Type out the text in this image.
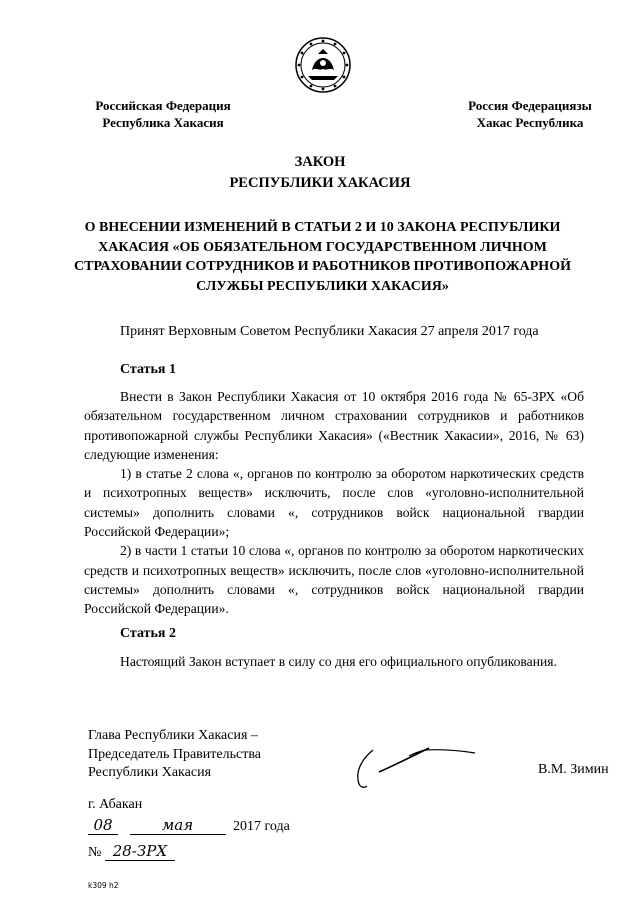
Российская Федерация
Республика Хакасия
Россия Федерациязы
Хакас Республика
ЗАКОН
РЕСПУБЛИКИ ХАКАСИЯ
О ВНЕСЕНИИ ИЗМЕНЕНИЙ В СТАТЬИ 2 И 10 ЗАКОНА РЕСПУБЛИКИ ХАКАСИЯ «ОБ ОБЯЗАТЕЛЬНОМ ГОСУДАРСТВЕННОМ ЛИЧНОМ СТРАХОВАНИИ СОТРУДНИКОВ И РАБОТНИКОВ ПРОТИВОПОЖАРНОЙ СЛУЖБЫ РЕСПУБЛИКИ ХАКАСИЯ»
Принят Верховным Советом Республики Хакасия 27 апреля 2017 года
Статья 1

Внести в Закон Республики Хакасия от 10 октября 2016 года № 65-ЗРХ «Об обязательном государственном личном страховании сотрудников и работников противопожарной службы Республики Хакасия» («Вестник Хакасии», 2016, № 63) следующие изменения:

1) в статье 2 слова «, органов по контролю за оборотом наркотических средств и психотропных веществ» исключить, после слов «уголовно-исполнительной системы» дополнить словами «, сотрудников войск национальной гвардии Российской Федерации»;

2) в части 1 статьи 10 слова «, органов по контролю за оборотом наркотических средств и психотропных веществ» исключить, после слов «уголовно-исполнительной системы» дополнить словами «, сотрудников войск национальной гвардии Российской Федерации».

Статья 2

Настоящий Закон вступает в силу со дня его официального опубликования.

Глава Республики Хакасия –
Председатель Правительства
Республики Хакасия	В.М. Зимин
г. Абакан
08	мая	2017 года
№ 28-ЗРХ
k309 h2
